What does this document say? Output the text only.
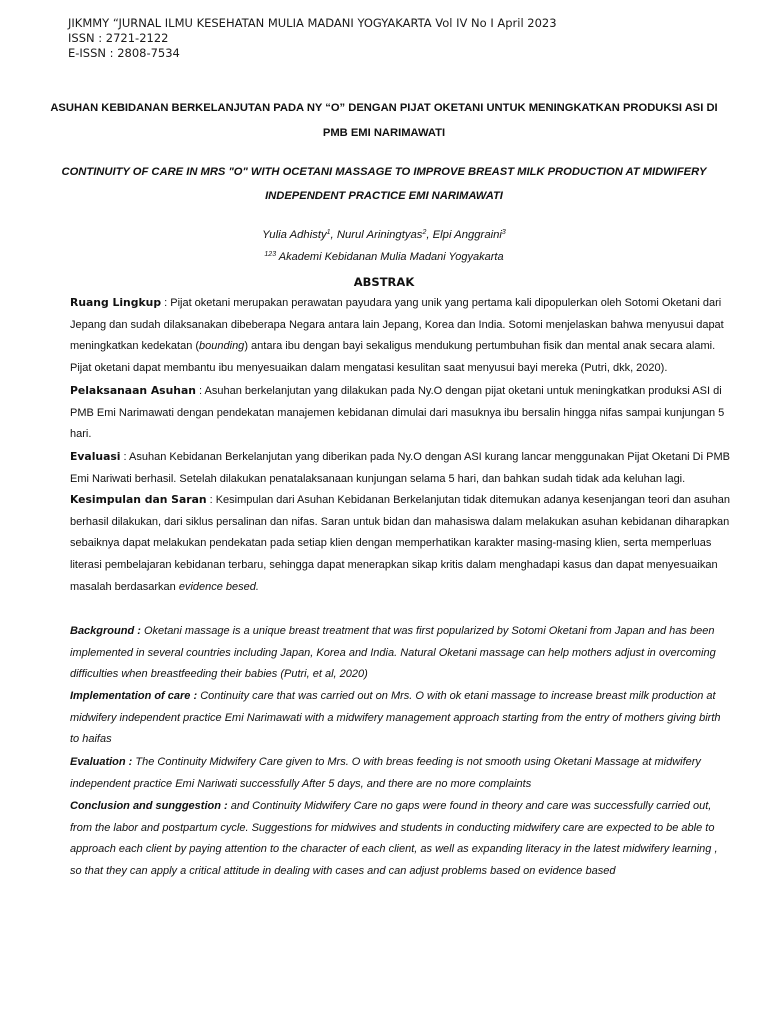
JIKMMY “JURNAL ILMU KESEHATAN MULIA MADANI YOGYAKARTA Vol IV No I April 2023
ISSN : 2721-2122
E-ISSN : 2808-7534
ASUHAN KEBIDANAN BERKELANJUTAN PADA NY “O” DENGAN PIJAT OKETANI UNTUK MENINGKATKAN PRODUKSI ASI DI
PMB EMI NARIMAWATI
CONTINUITY OF CARE IN MRS "O" WITH OCETANI MASSAGE TO IMPROVE BREAST MILK PRODUCTION AT MIDWIFERY
INDEPENDENT PRACTICE EMI NARIMAWATI
Yulia Adhisty$^1$, Nurul Ariningtyas$^2$, Elpi Anggraini$^3$
$^{123}$ Akademi Kebidanan Mulia Madani Yogyakarta
ABSTRAK
Ruang Lingkup : Pijat oketani merupakan perawatan payudara yang unik yang pertama kali dipopulerkan oleh Sotomi Oketani dari
Jepang dan sudah dilaksanakan dibeberapa Negara antara lain Jepang, Korea dan India. Sotomi menjelaskan bahwa menyusui dapat
meningkatkan kedekatan (bounding) antara ibu dengan bayi sekaligus mendukung pertumbuhan fisik dan mental anak secara alami.
Pijat oketani dapat membantu ibu menyesuaikan dalam mengatasi kesulitan saat menyusui bayi mereka (Putri, dkk, 2020).
Pelaksanaan Asuhan : Asuhan berkelanjutan yang dilakukan pada Ny.O dengan pijat oketani untuk meningkatkan produksi ASI di
PMB Emi Narimawati dengan pendekatan manajemen kebidanan dimulai dari masuknya ibu bersalin hingga nifas sampai kunjungan 5
hari.
Evaluasi : Asuhan Kebidanan Berkelanjutan yang diberikan pada Ny.O dengan ASI kurang lancar menggunakan Pijat Oketani Di PMB
Emi Nariwati berhasil. Setelah dilakukan penatalaksanaan kunjungan selama 5 hari, dan bahkan sudah tidak ada keluhan lagi.
Kesimpulan dan Saran : Kesimpulan dari Asuhan Kebidanan Berkelanjutan tidak ditemukan adanya kesenjangan teori dan asuhan
berhasil dilakukan, dari siklus persalinan dan nifas. Saran untuk bidan dan mahasiswa dalam melakukan asuhan kebidanan diharapkan
sebaiknya dapat melakukan pendekatan pada setiap klien dengan memperhatikan karakter masing-masing klien, serta memperluas
literasi pembelajaran kebidanan terbaru, sehingga dapat menerapkan sikap kritis dalam menghadapi kasus dan dapat menyesuaikan
masalah berdasarkan evidence besed.
Background : Oketani massage is a unique breast treatment that was first popularized by Sotomi Oketani from Japan and has been
implemented in several countries including Japan, Korea and India. Natural Oketani massage can help mothers adjust in overcoming
difficulties when breastfeeding their babies (Putri, et al, 2020)
Implementation of care : Continuity care that was carried out on Mrs. O with ok etani massage to increase breast milk production at
midwifery independent practice Emi Narimawati with a midwifery management approach starting from the entry of mothers giving birth
to haifas
Evaluation : The Continuity Midwifery Care given to Mrs. O with breas feeding is not smooth using Oketani Massage at midwifery
independent practice Emi Nariwati successfully After 5 days, and there are no more complaints
Conclusion and sunggestion : and Continuity Midwifery Care no gaps were found in theory and care was successfully carried out,
from the labor and postpartum cycle. Suggestions for midwives and students in conducting midwifery care are expected to be able to
approach each client by paying attention to the character of each client, as well as expanding literacy in the latest midwifery learning ,
so that they can apply a critical attitude in dealing with cases and can adjust problems based on evidence based
